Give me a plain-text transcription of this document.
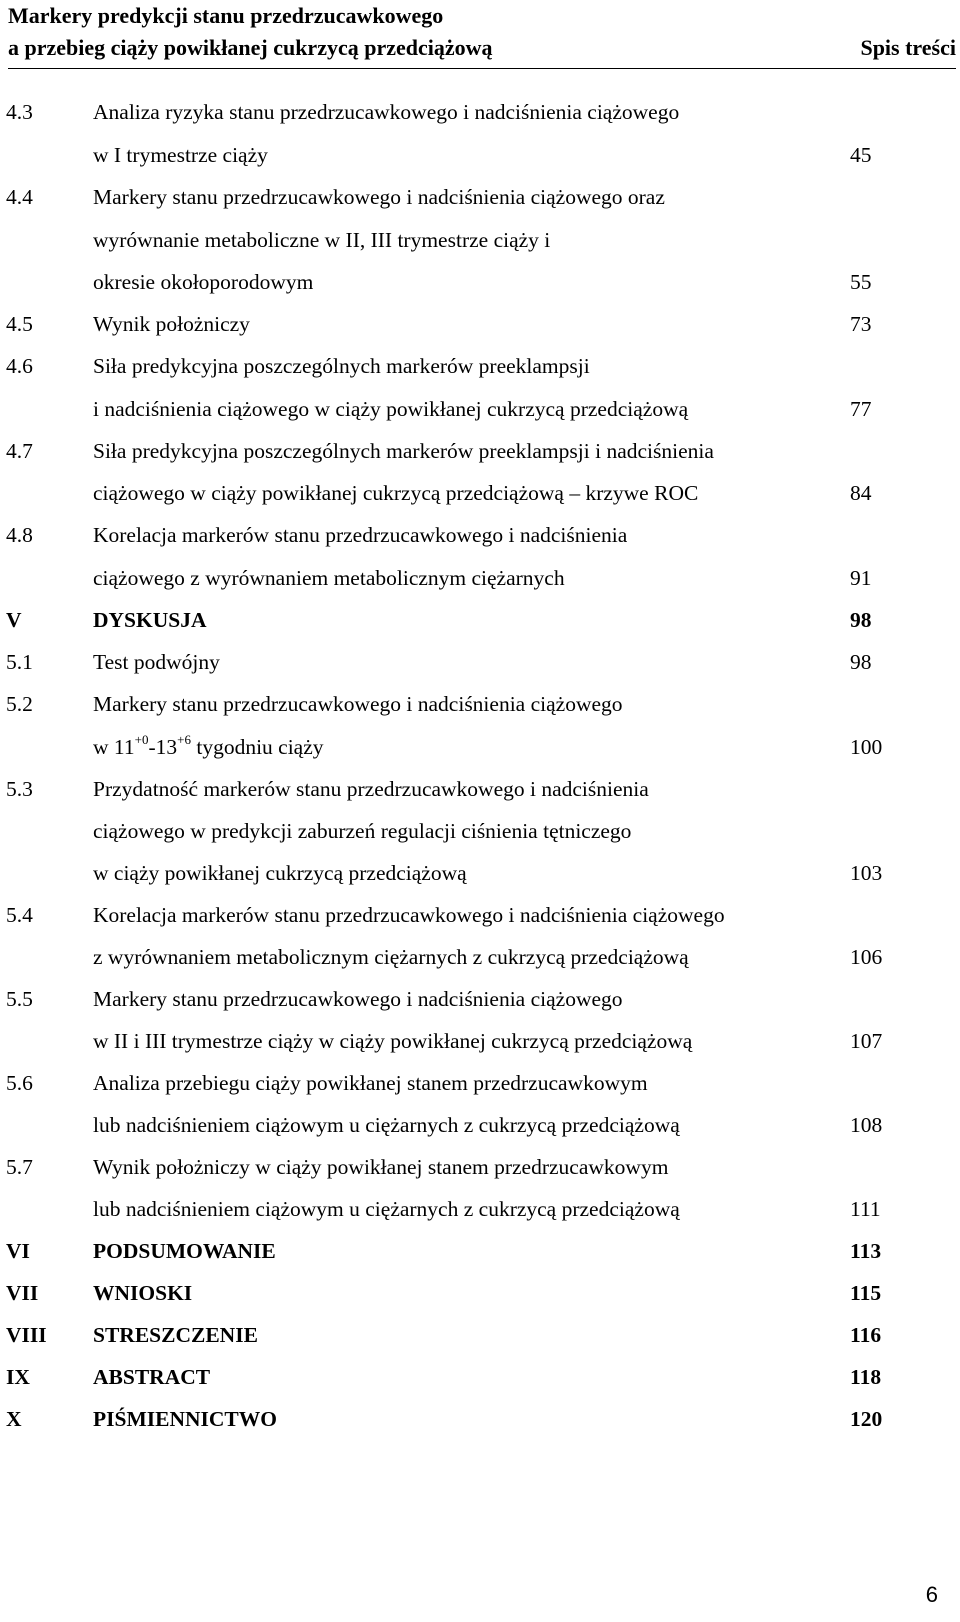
Markery predykcji stanu przedrzucawkowego
a przebieg ciąży powikłanej cukrzycą przedciążową	Spis treści
4.3	Analiza ryzyka stanu przedrzucawkowego i nadciśnienia ciążowego
w I trymestrze ciąży	45
4.4	Markery stanu przedrzucawkowego i nadciśnienia ciążowego oraz
wyrównanie metaboliczne w II, III trymestrze ciąży i
okresie okołoporodowym	55
4.5	Wynik położniczy	73
4.6	Siła predykcyjna poszczególnych markerów preeklampsji
i nadciśnienia ciążowego w ciąży powikłanej cukrzycą przedciążową	77
4.7	Siła predykcyjna poszczególnych markerów preeklampsji i nadciśnienia
ciążowego w ciąży powikłanej cukrzycą przedciążową – krzywe ROC	84
4.8	Korelacja markerów stanu przedrzucawkowego i nadciśnienia
ciążowego z wyrównaniem metabolicznym ciężarnych	91
V	DYSKUSJA	98
5.1	Test podwójny	98
5.2	Markery stanu przedrzucawkowego i nadciśnienia ciążowego
w $11^{+0}-13^{+6}$ tygodniu ciąży	100
5.3	Przydatność markerów stanu przedrzucawkowego i nadciśnienia
ciążowego w predykcji zaburzeń regulacji ciśnienia tętniczego
w ciąży powikłanej cukrzycą przedciążową	103
5.4	Korelacja markerów stanu przedrzucawkowego i nadciśnienia ciążowego
z wyrównaniem metabolicznym ciężarnych z cukrzycą przedciążową	106
5.5	Markery stanu przedrzucawkowego i nadciśnienia ciążowego
w II i III trymestrze ciąży w ciąży powikłanej cukrzycą przedciążową	107
5.6	Analiza przebiegu ciąży powikłanej stanem przedrzucawkowym
lub nadciśnieniem ciążowym u ciężarnych z cukrzycą przedciążową	108
5.7	Wynik położniczy w ciąży powikłanej stanem przedrzucawkowym
lub nadciśnieniem ciążowym u ciężarnych z cukrzycą przedciążową	111
VI	PODSUMOWANIE	113
VII	WNIOSKI	115
VIII STRESZCZENIE	116
IX	ABSTRACT	118
X	PIŚMIENNICTWO	120
6
